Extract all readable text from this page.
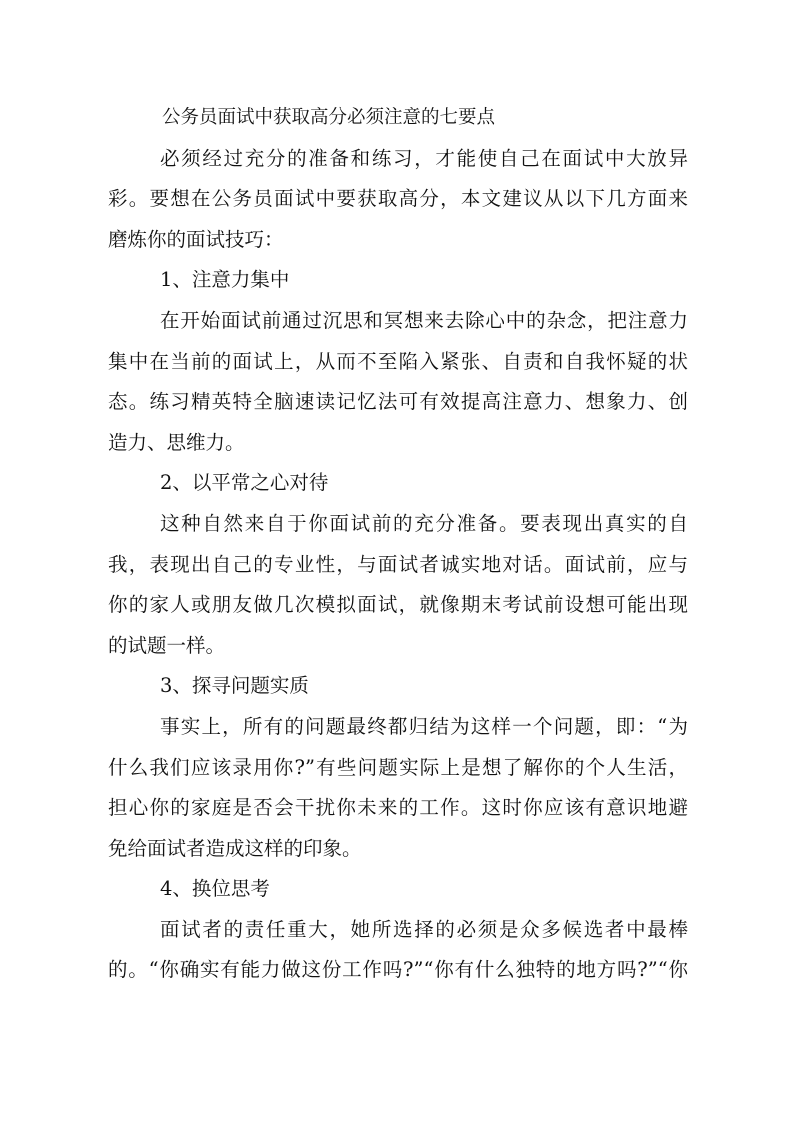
公务员面试中获取高分必须注意的七要点
必须经过充分的准备和练习，才能使自己在面试中大放异
彩。要想在公务员面试中要获取高分，本文建议从以下几方面来
磨炼你的面试技巧：
1、注意力集中
在开始面试前通过沉思和冥想来去除心中的杂念，把注意力
集中在当前的面试上，从而不至陷入紧张、自责和自我怀疑的状
态。练习精英特全脑速读记忆法可有效提高注意力、想象力、创
造力、思维力。
2、以平常之心对待
这种自然来自于你面试前的充分准备。要表现出真实的自
我，表现出自己的专业性，与面试者诚实地对话。面试前，应与
你的家人或朋友做几次模拟面试，就像期末考试前设想可能出现
的试题一样。
3、探寻问题实质
事实上，所有的问题最终都归结为这样一个问题，即：“为
什么我们应该录用你?”有些问题实际上是想了解你的个人生活，
担心你的家庭是否会干扰你未来的工作。这时你应该有意识地避
免给面试者造成这样的印象。
4、换位思考
面试者的责任重大，她所选择的必须是众多候选者中最棒
的。“你确实有能力做这份工作吗?”“你有什么独特的地方吗?”“你
